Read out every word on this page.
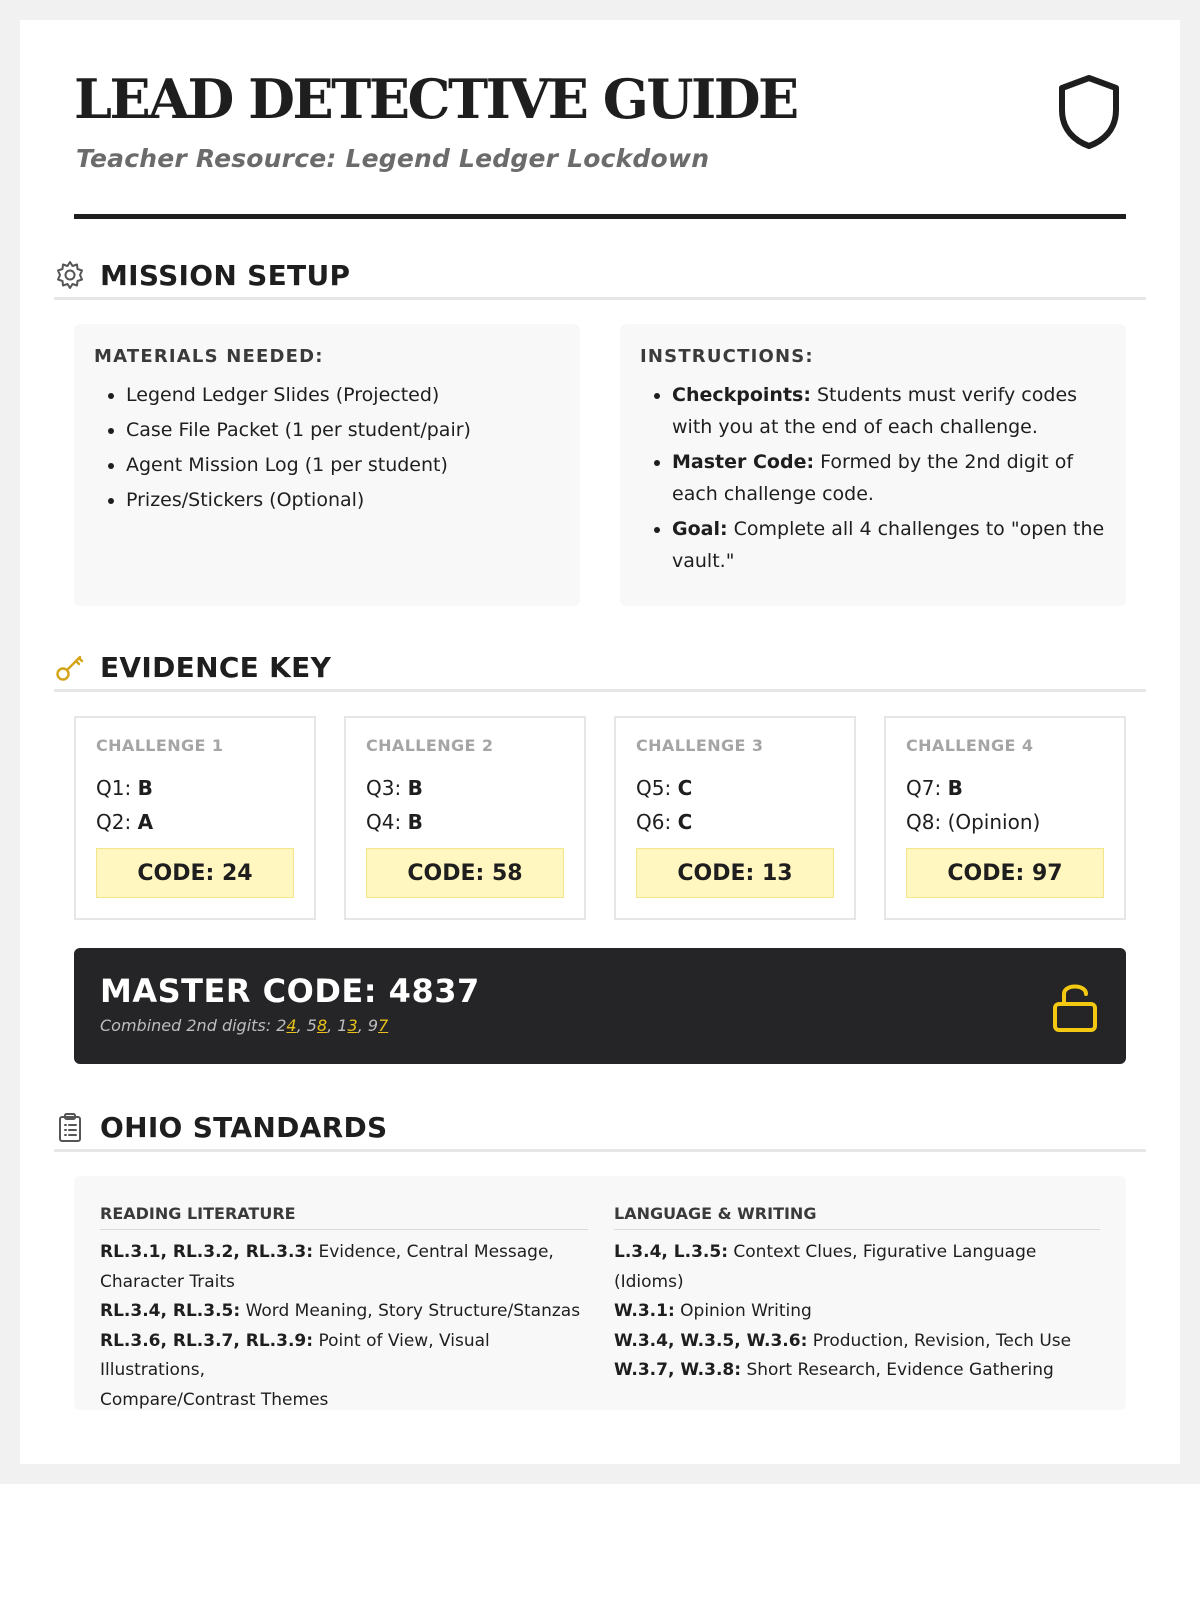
LEAD DETECTIVE GUIDE
Teacher Resource: Legend Ledger Lockdown
MISSION SETUP
MATERIALS NEEDED:
• Legend Ledger Slides (Projected)
• Case File Packet (1 per student/pair)
• Agent Mission Log (1 per student)
• Prizes/Stickers (Optional)
INSTRUCTIONS:
• Checkpoints: Students must verify codes with you at the end of each challenge.
• Master Code: Formed by the 2nd digit of each challenge code.
• Goal: Complete all 4 challenges to "open the vault."
EVIDENCE KEY
CHALLENGE 1
Q1: B
Q2: A
CODE: 24
CHALLENGE 2
Q3: B
Q4: B
CODE: 58
CHALLENGE 3
Q5: C
Q6: C
CODE: 13
CHALLENGE 4
Q7: B
Q8: (Opinion)
CODE: 97
MASTER CODE: 4837
Combined 2nd digits: 24, 58, 13, 97
OHIO STANDARDS
READING LITERATURE
RL.3.1, RL.3.2, RL.3.3: Evidence, Central Message,
Character Traits
RL.3.4, RL.3.5: Word Meaning, Story Structure/Stanzas
RL.3.6, RL.3.7, RL.3.9: Point of View, Visual Illustrations,
Compare/Contrast Themes
LANGUAGE & WRITING
L.3.4, L.3.5: Context Clues, Figurative Language (Idioms)
W.3.1: Opinion Writing
W.3.4, W.3.5, W.3.6: Production, Revision, Tech Use
W.3.7, W.3.8: Short Research, Evidence Gathering
